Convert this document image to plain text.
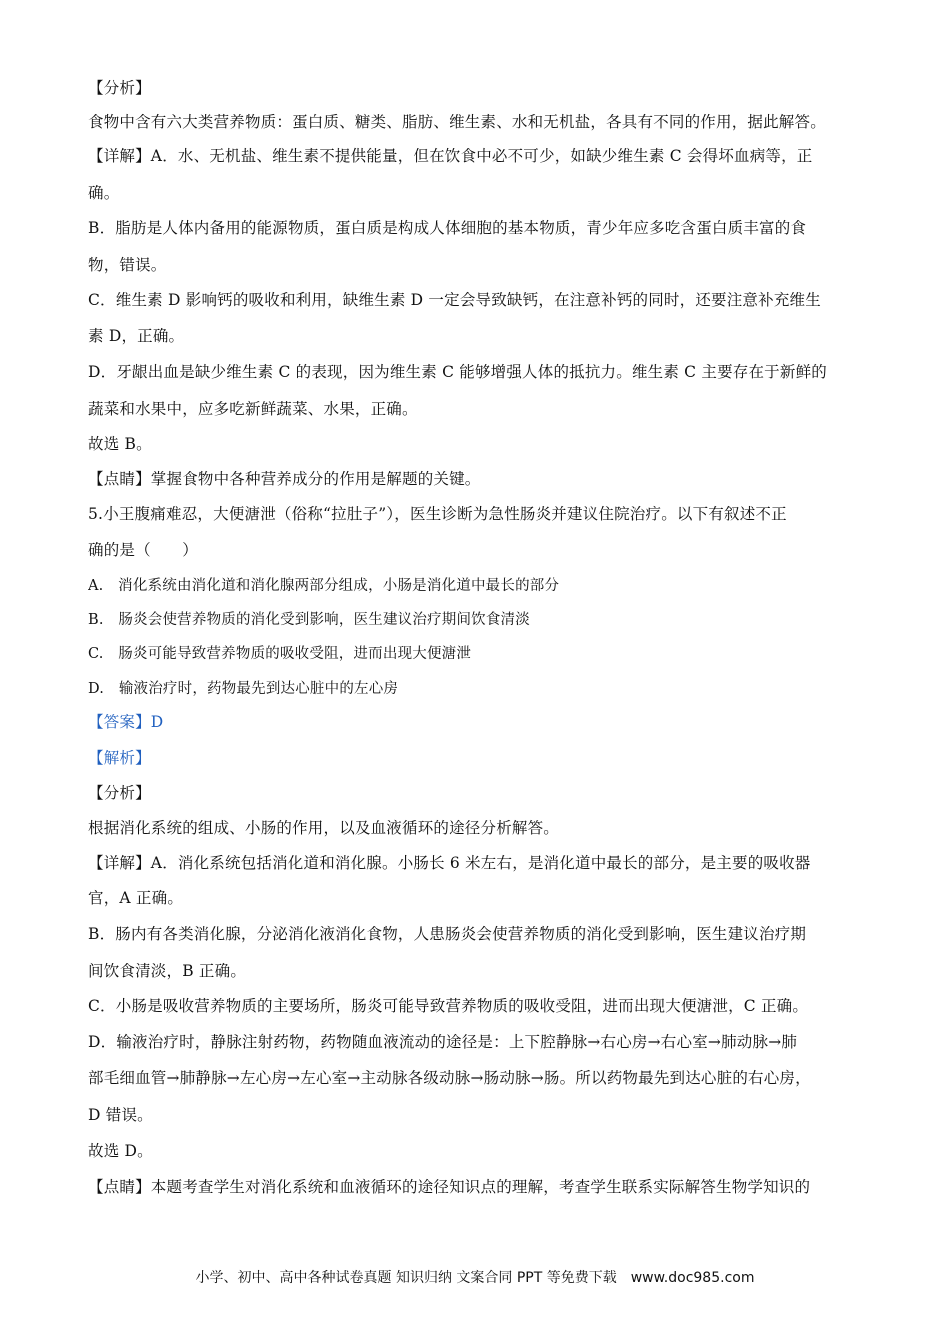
【分析】
食物中含有六大类营养物质：蛋白质、糖类、脂肪、维生素、水和无机盐，各具有不同的作用，据此解答。
【详解】A．水、无机盐、维生素不提供能量，但在饮食中必不可少，如缺少维生素 C 会得坏血病等，正
确。
B．脂肪是人体内备用的能源物质，蛋白质是构成人体细胞的基本物质，青少年应多吃含蛋白质丰富的食
物，错误。
C．维生素 D 影响钙的吸收和利用，缺维生素 D 一定会导致缺钙，在注意补钙的同时，还要注意补充维生
素 D，正确。
D．牙龈出血是缺少维生素 C 的表现，因为维生素 C 能够增强人体的抵抗力。维生素 C 主要存在于新鲜的
蔬菜和水果中，应多吃新鲜蔬菜、水果，正确。
故选 B。
【点睛】掌握食物中各种营养成分的作用是解题的关键。
5.小王腹痛难忍，大便溏泄（俗称“拉肚子”），医生诊断为急性肠炎并建议住院治疗。以下有叙述不正
确的是（　　）
A.　消化系统由消化道和消化腺两部分组成，小肠是消化道中最长的部分
B.　肠炎会使营养物质的消化受到影响，医生建议治疗期间饮食清淡
C.　肠炎可能导致营养物质的吸收受阻，进而出现大便溏泄
D.　输液治疗时，药物最先到达心脏中的左心房
【答案】D
【解析】
【分析】
根据消化系统的组成、小肠的作用，以及血液循环的途径分析解答。
【详解】A．消化系统包括消化道和消化腺。小肠长 6 米左右，是消化道中最长的部分，是主要的吸收器
官，A 正确。
B．肠内有各类消化腺，分泌消化液消化食物，人患肠炎会使营养物质的消化受到影响，医生建议治疗期
间饮食清淡，B 正确。
C．小肠是吸收营养物质的主要场所，肠炎可能导致营养物质的吸收受阻，进而出现大便溏泄，C 正确。
D．输液治疗时，静脉注射药物，药物随血液流动的途径是：上下腔静脉→右心房→右心室→肺动脉→肺
部毛细血管→肺静脉→左心房→左心室→主动脉各级动脉→肠动脉→肠。所以药物最先到达心脏的右心房，
D 错误。
故选 D。
【点睛】本题考查学生对消化系统和血液循环的途径知识点的理解，考查学生联系实际解答生物学知识的
小学、初中、高中各种试卷真题 知识归纳 文案合同 PPT 等免费下载　www.doc985.com
